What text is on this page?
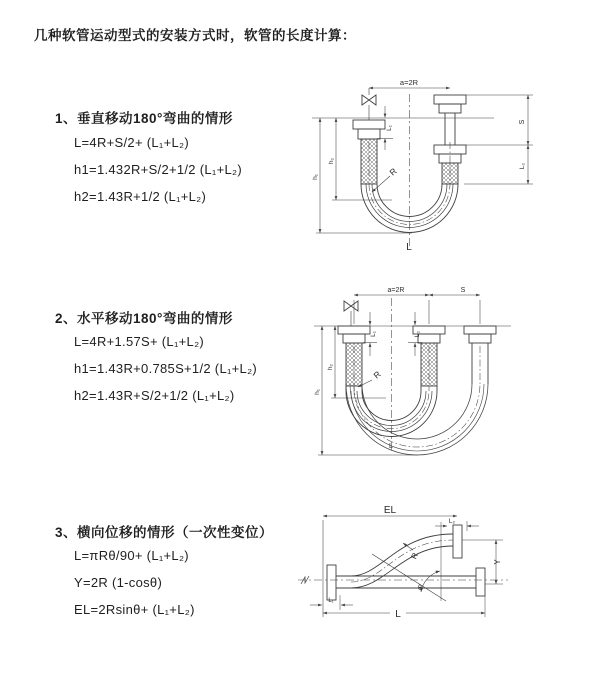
几种软管运动型式的安装方式时，软管的长度计算：
1、垂直移动180°弯曲的情形
L=4R+S/2+ (L₁+L₂)
h1=1.432R+S/2+1/2 (L₁+L₂)
h2=1.43R+1/2 (L₁+L₂)
2、水平移动180°弯曲的情形
L=4R+1.57S+ (L₁+L₂)
h1=1.43R+0.785S+1/2 (L₁+L₂)
h2=1.43R+S/2+1/2 (L₁+L₂)
3、横向位移的情形（一次性变位）
L=πRθ/90+ (L₁+L₂)
Y=2R (1-cosθ)
EL=2Rsinθ+ (L₁+L₂)
a=2R
S
L₂
h₁
h₂
L₁
R
L
a=2R	S
h₁
h₂
L₁	L₂
R
L
EL
L₂
Y
R
θ
L₁
L
